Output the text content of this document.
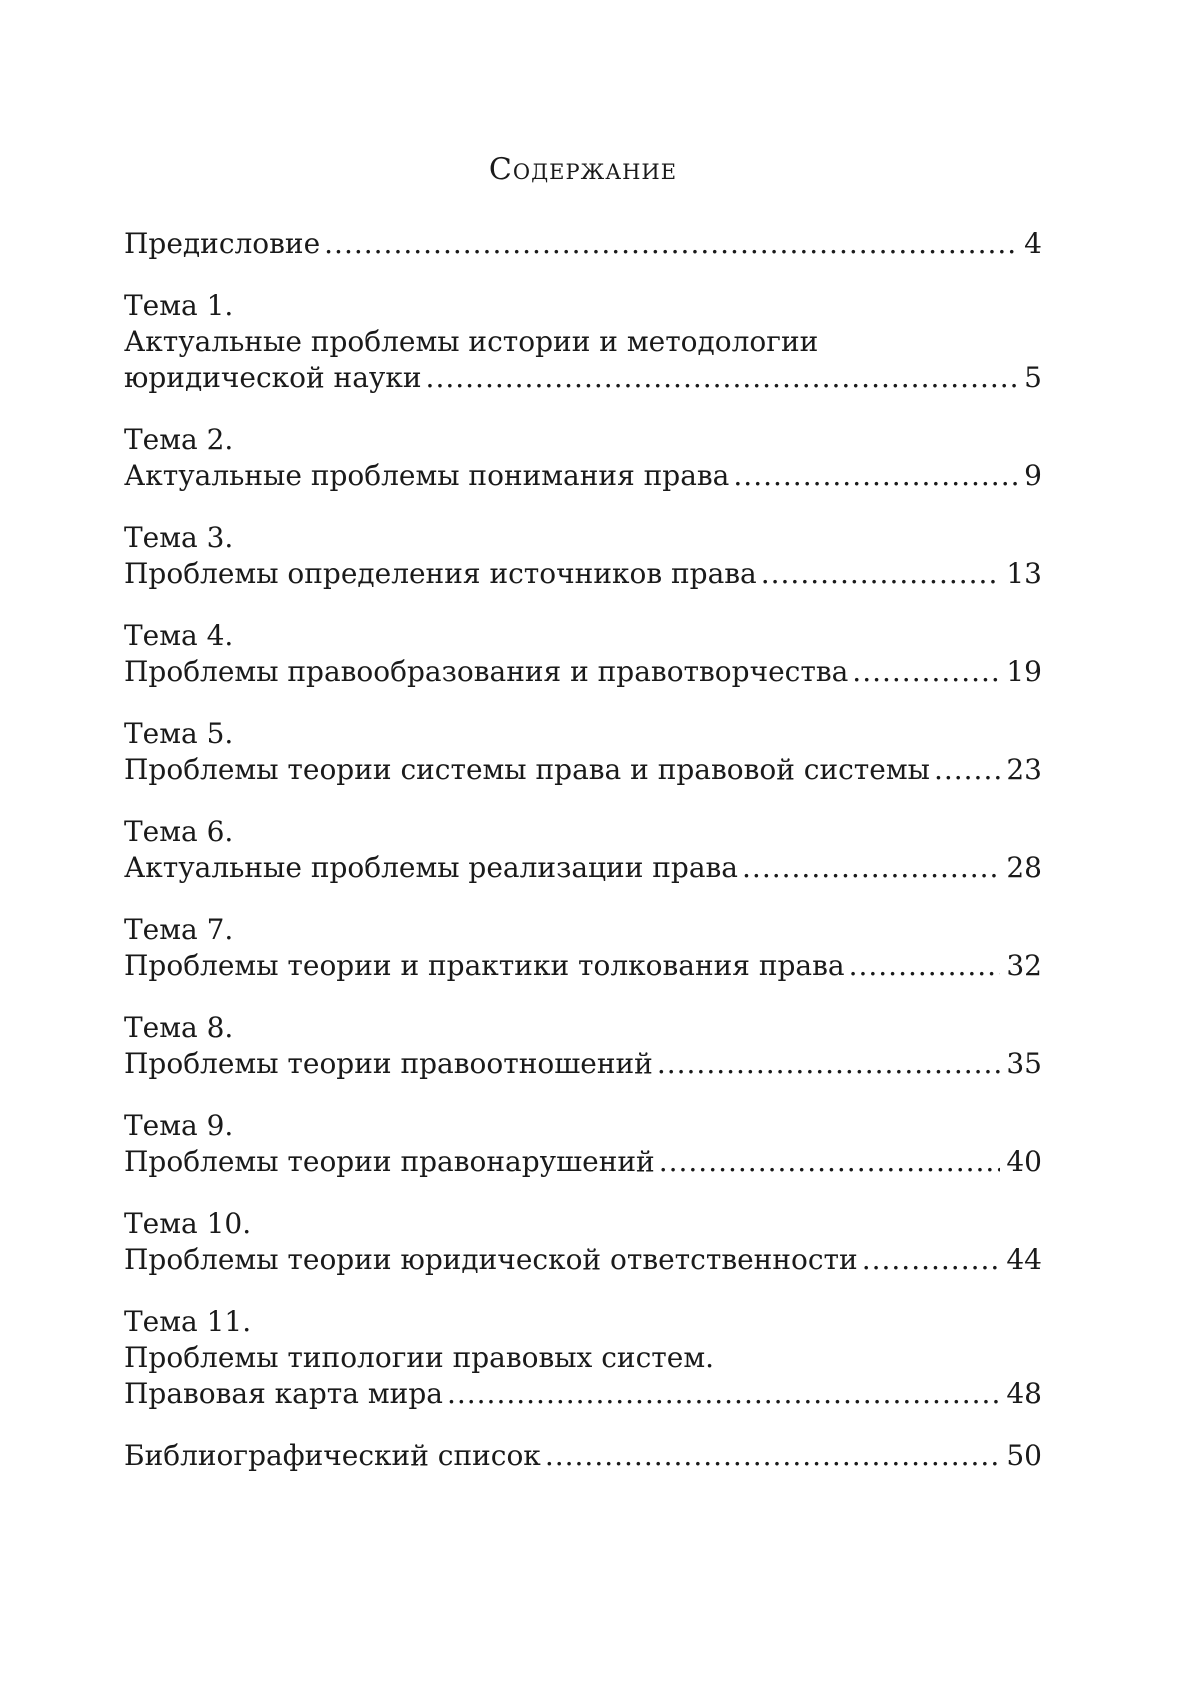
Содержание
Предисловие .....	4
Тема 1.
Актуальные проблемы истории и методологии
юридической науки .....	5
Тема 2.
Актуальные проблемы понимания права .....	9
Тема 3.
Проблемы определения источников права .....	13
Тема 4.
Проблемы правообразования и правотворчества .....	19
Тема 5.
Проблемы теории системы права и правовой системы .....	23
Тема 6.
Актуальные проблемы реализации права .....	28
Тема 7.
Проблемы теории и практики толкования права .....	32
Тема 8.
Проблемы теории правоотношений .....	35
Тема 9.
Проблемы теории правонарушений .....	40
Тема 10.
Проблемы теории юридической ответственности .....	44
Тема 11.
Проблемы типологии правовых систем.
Правовая карта мира .....	48
Библиографический список .....	50
